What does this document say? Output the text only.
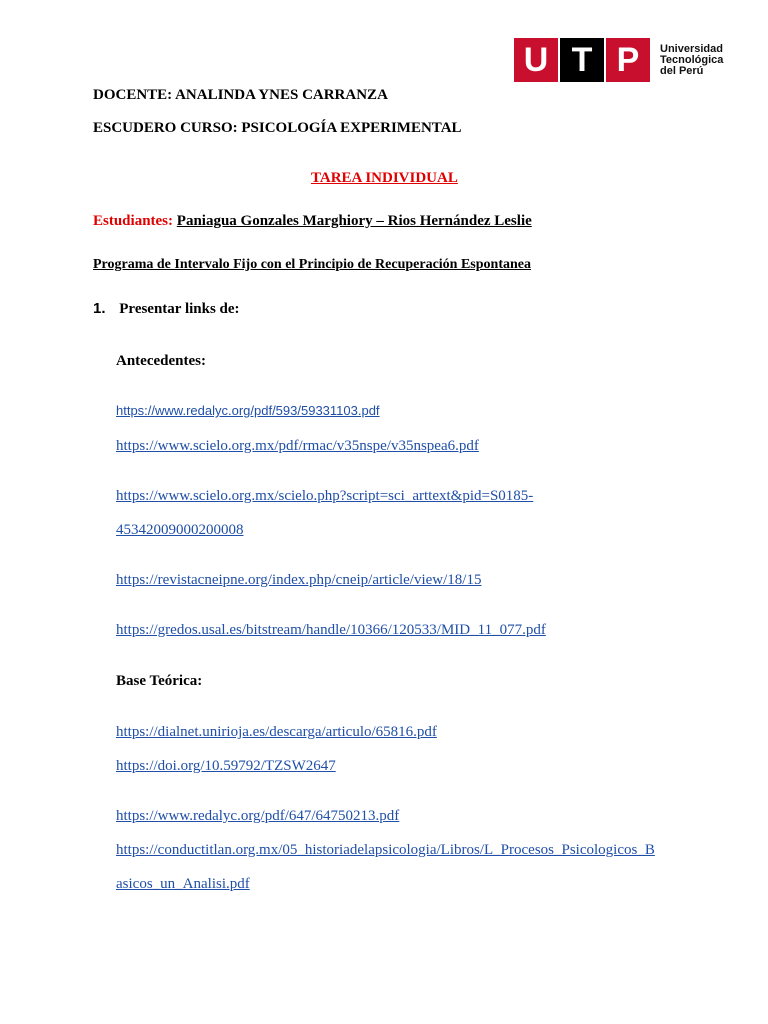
U T P	Universidad
Tecnológica
del Perú
DOCENTE: ANALINDA YNES CARRANZA
ESCUDERO CURSO: PSICOLOGÍA EXPERIMENTAL
TAREA INDIVIDUAL
Estudiantes: Paniagua Gonzales Marghiory – Rios Hernández Leslie
Programa de Intervalo Fijo con el Principio de Recuperación Espontanea
1. Presentar links de:
Antecedentes:
https://www.redalyc.org/pdf/593/59331103.pdf
https://www.scielo.org.mx/pdf/rmac/v35nspe/v35nspea6.pdf
https://www.scielo.org.mx/scielo.php?script=sci_arttext&pid=S0185-
45342009000200008
https://revistacneipne.org/index.php/cneip/article/view/18/15
https://gredos.usal.es/bitstream/handle/10366/120533/MID_11_077.pdf
Base Teórica:
https://dialnet.unirioja.es/descarga/articulo/65816.pdf
https://doi.org/10.59792/TZSW2647
https://www.redalyc.org/pdf/647/64750213.pdf
https://conductitlan.org.mx/05_historiadelapsicologia/Libros/L_Procesos_Psicologicos_B
asicos_un_Analisi.pdf
